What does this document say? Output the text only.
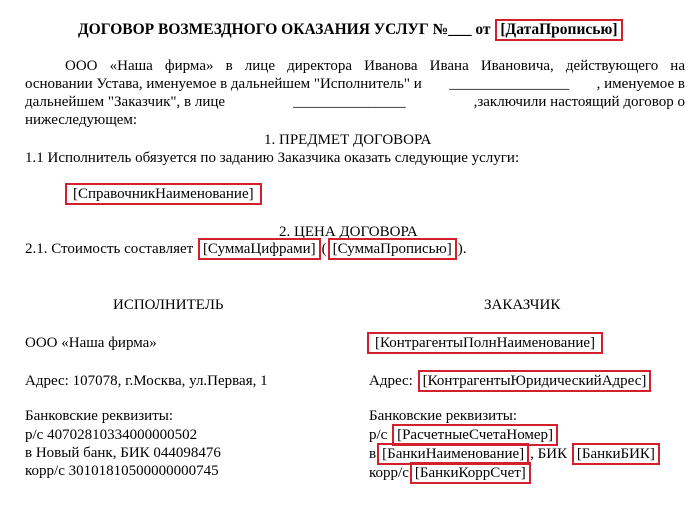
ДОГОВОР ВОЗМЕЗДНОГО ОКАЗАНИЯ УСЛУГ №___ от [ДатаПрописью]
ООО «Наша фирма» в лице директора Иванова Ивана Ивановича, действующего на
основании Устава, именуемое в дальнейшем "Исполнитель" и ________________ , именуемое в
дальнейшем "Заказчик", в лице	_______________	,заключили настоящий договор о
нижеследующем:
1. ПРЕДМЕТ ДОГОВОРА
1.1 Исполнитель обязуется по заданию Заказчика оказать следующие услуги:
[СправочникНаименование]
2. ЦЕНА ДОГОВОРА
2.1. Стоимость составляет [СуммаЦифрами] ( [СуммаПрописью] ).
ИСПОЛНИТЕЛЬ
ООО «Наша фирма»
Адрес: 107078, г.Москва, ул.Первая, 1
Банковские реквизиты:
р/с 40702810334000000502
в Новый банк, БИК 044098476
корр/с 30101810500000000745
ЗАКАЗЧИК
[КонтрагентыПолнНаименование]
Адрес: [КонтрагентыЮридическийАдрес]
Банковские реквизиты:
р/с [РасчетныеСчетаНомер]
в [БанкиНаименование] , БИК [БанкиБИК]
корр/с [БанкиКоррСчет]
